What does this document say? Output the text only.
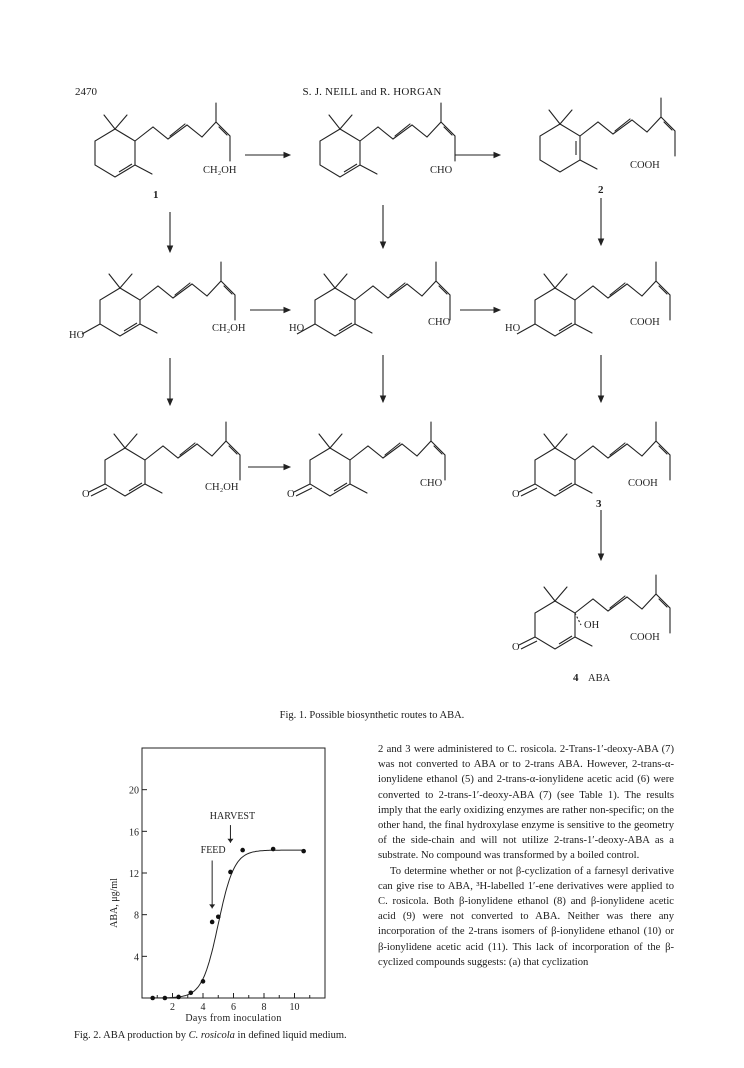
2470	S. J. NEILL and R. HORGAN
CH₂OH	CHO	COOH
HO
CH₂OH	HO
CHO
HO
COOH
O
CH₂OH
O
CHO
O
COOH
OH
O
COOH
1	2
3
4 ABA
Fig. 1. Possible biosynthetic routes to ABA.
2	4	6	8 10
4
8
12
16
20
Days from inoculation
ABA, μg/ml
FEED
HARVEST
Fig. 2. ABA production by C. rosicola in defined liquid medium.

2 and 3 were administered to C. rosicola. 2-Trans-1′-deoxy-ABA (7) was not converted to ABA or to 2-trans ABA. However, 2-trans-α-ionylidene ethanol (5) and 2-trans-α-ionylidene acetic acid (6) were converted to 2-trans-1′-deoxy-ABA (7) (see Table 1). The results imply that the early oxidizing enzymes are rather non-specific; on the other hand, the final hydroxylase enzyme is sensitive to the geometry of the side-chain and will not utilize 2-trans-1′-deoxy-ABA as a substrate. No compound was transformed by a boiled control.

To determine whether or not β-cyclization of a farnesyl derivative can give rise to ABA, ³H-labelled 1′-ene derivatives were applied to C. rosicola. Both β-ionylidene ethanol (8) and β-ionylidene acetic acid (9) were not converted to ABA. Neither was there any incorporation of the 2-trans isomers of β-ionylidene ethanol (10) or β-ionylidene acetic acid (11). This lack of incorporation of the β-cyclized compounds suggests: (a) that cyclization
